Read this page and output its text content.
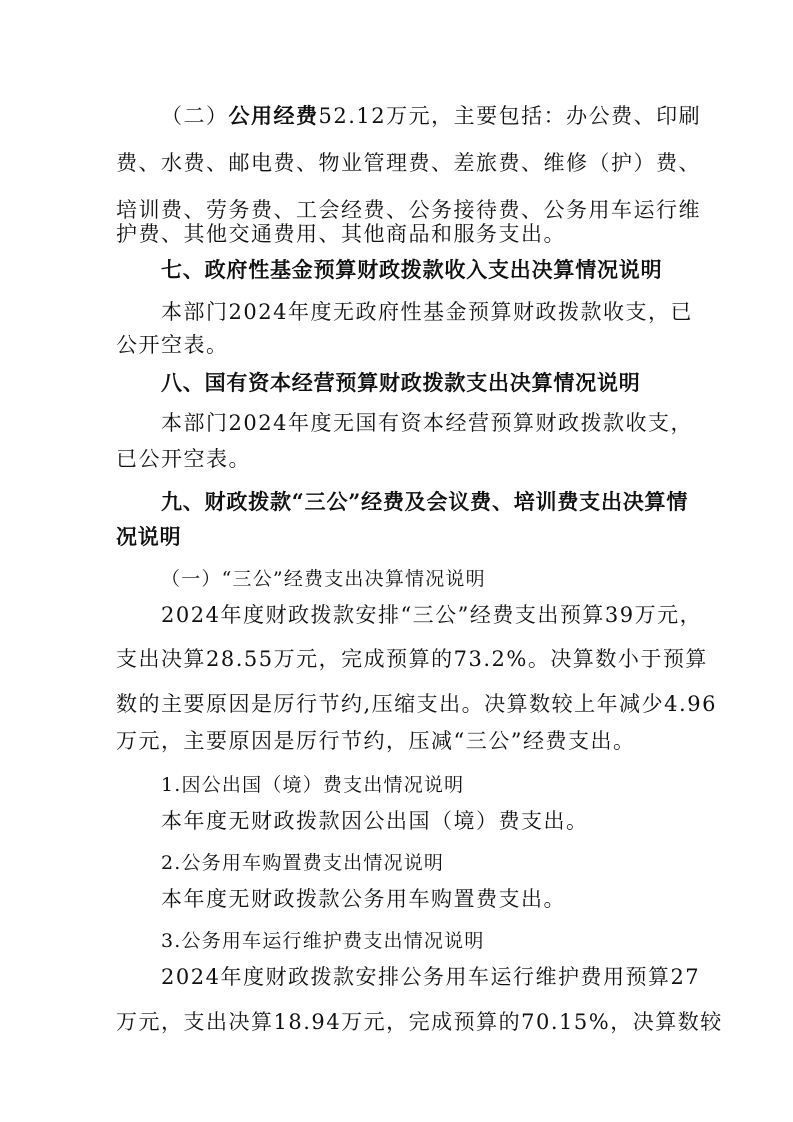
（二）公用经费52.12万元，主要包括：办公费、印刷
费、水费、邮电费、物业管理费、差旅费、维修（护）费、
培训费、劳务费、工会经费、公务接待费、公务用车运行维
护费、其他交通费用、其他商品和服务支出。
七、政府性基金预算财政拨款收入支出决算情况说明
本部门2024年度无政府性基金预算财政拨款收支，已
公开空表。
八、国有资本经营预算财政拨款支出决算情况说明
本部门2024年度无国有资本经营预算财政拨款收支，
已公开空表。
九、财政拨款“三公”经费及会议费、培训费支出决算情
况说明
（一）“三公”经费支出决算情况说明
2024年度财政拨款安排“三公”经费支出预算39万元，
支出决算28.55万元，完成预算的73.2%。决算数小于预算
数的主要原因是厉行节约,压缩支出。决算数较上年减少4.96
万元，主要原因是厉行节约，压减“三公”经费支出。
1.因公出国（境）费支出情况说明
本年度无财政拨款因公出国（境）费支出。
2.公务用车购置费支出情况说明
本年度无财政拨款公务用车购置费支出。
3.公务用车运行维护费支出情况说明
2024年度财政拨款安排公务用车运行维护费用预算27
万元，支出决算18.94万元，完成预算的70.15%，决算数较
